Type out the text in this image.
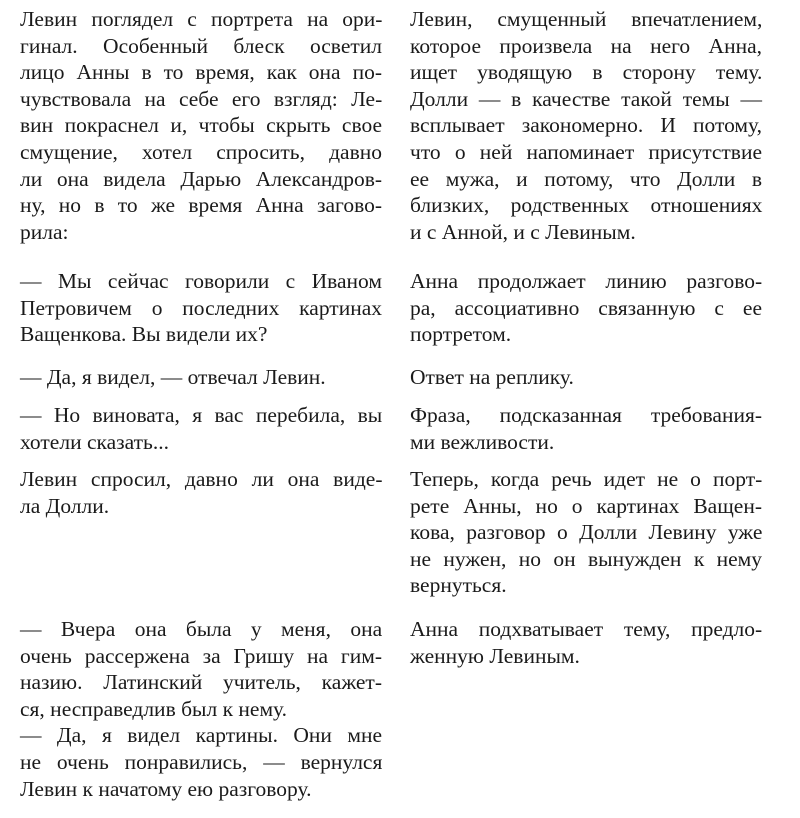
Левин поглядел с портрета на ори-
гинал. Особенный блеск осветил
лицо Анны в то время, как она по-
чувствовала на себе его взгляд: Ле-
вин покраснел и, чтобы скрыть свое
смущение, хотел спросить, давно
ли она видела Дарью Александров-
ну, но в то же время Анна загово-
рила:
Левин, смущенный впечатлением,
которое произвела на него Анна,
ищет уводящую в сторону тему.
Долли — в качестве такой темы —
всплывает закономерно. И потому,
что о ней напоминает присутствие
ее мужа, и потому, что Долли в
близких, родственных отношениях
и с Анной, и с Левиным.
— Мы сейчас говорили с Иваном
Петровичем о последних картинах
Ващенкова. Вы видели их?
Анна продолжает линию разгово-
ра, ассоциативно связанную с ее
портретом.
— Да, я видел, — отвечал Левин.	Ответ на реплику.
— Но виновата, я вас перебила, вы
хотели сказать...
Фраза, подсказанная требования-
ми вежливости.
Левин спросил, давно ли она виде-
ла Долли.
Теперь, когда речь идет не о порт-
рете Анны, но о картинах Ващен-
кова, разговор о Долли Левину уже
не нужен, но он вынужден к нему
вернуться.
— Вчера она была у меня, она
очень рассержена за Гришу на гим-
назию. Латинский учитель, кажет-
ся, несправедлив был к нему.
— Да, я видел картины. Они мне
не очень понравились, — вернулся
Левин к начатому ею разговору.
Анна подхватывает тему, предло-
женную Левиным.
